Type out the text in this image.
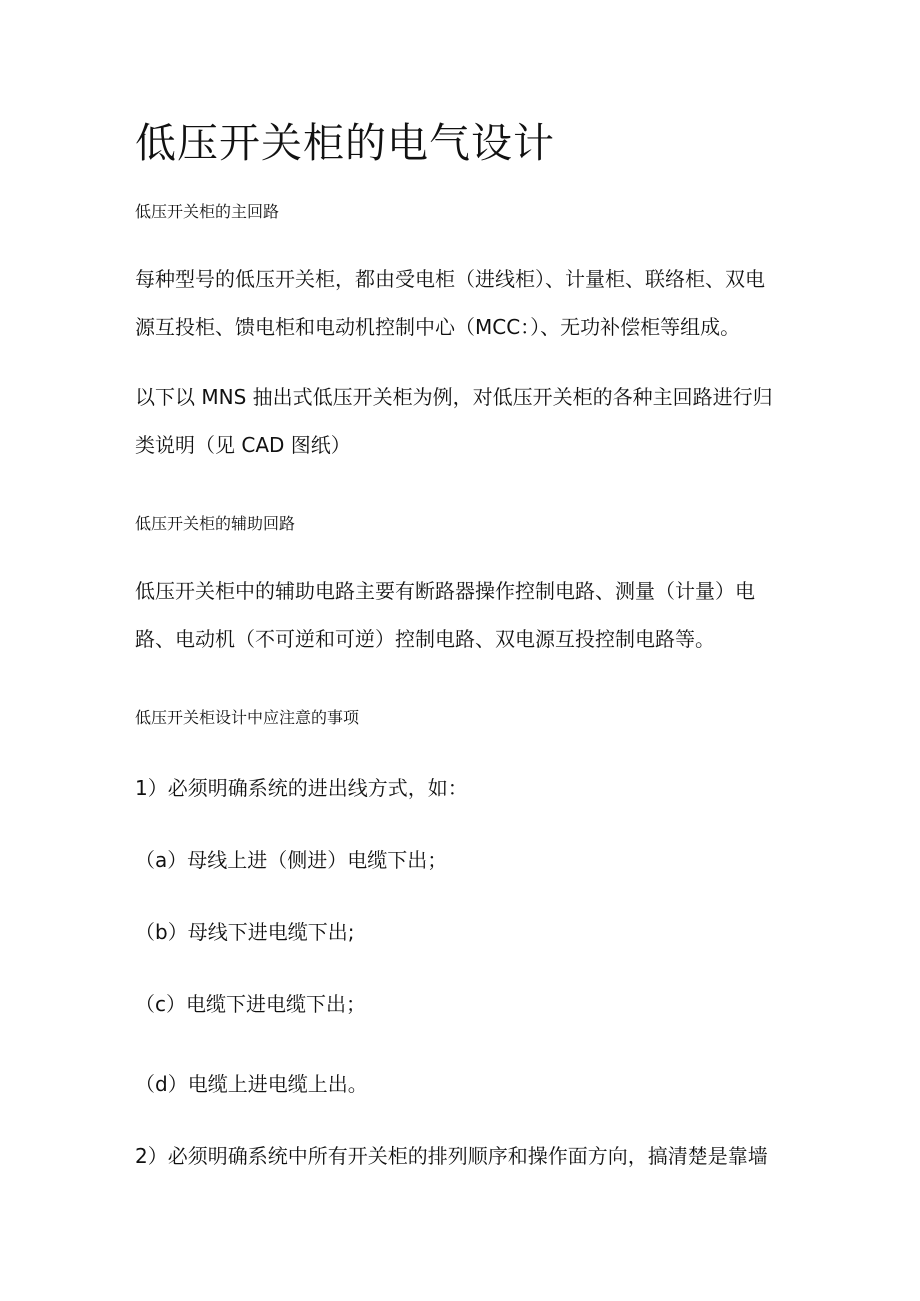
低压开关柜的电气设计
低压开关柜的主回路

每种型号的低压开关柜，都由受电柜（进线柜）、计量柜、联络柜、双电

源互投柜、馈电柜和电动机控制中心（MCC：）、无功补偿柜等组成。

以下以 MNS 抽出式低压开关柜为例，对低压开关柜的各种主回路进行归

类说明（见 CAD 图纸）

低压开关柜的辅助回路

低压开关柜中的辅助电路主要有断路器操作控制电路、测量（计量）电

路、电动机（不可逆和可逆）控制电路、双电源互投控制电路等。

低压开关柜设计中应注意的事项

1）必须明确系统的进出线方式，如：

（a）母线上进（侧进）电缆下出；

（b）母线下进电缆下出;

（c）电缆下进电缆下出；

（d）电缆上进电缆上出。

2）必须明确系统中所有开关柜的排列顺序和操作面方向，搞清楚是靠墙
